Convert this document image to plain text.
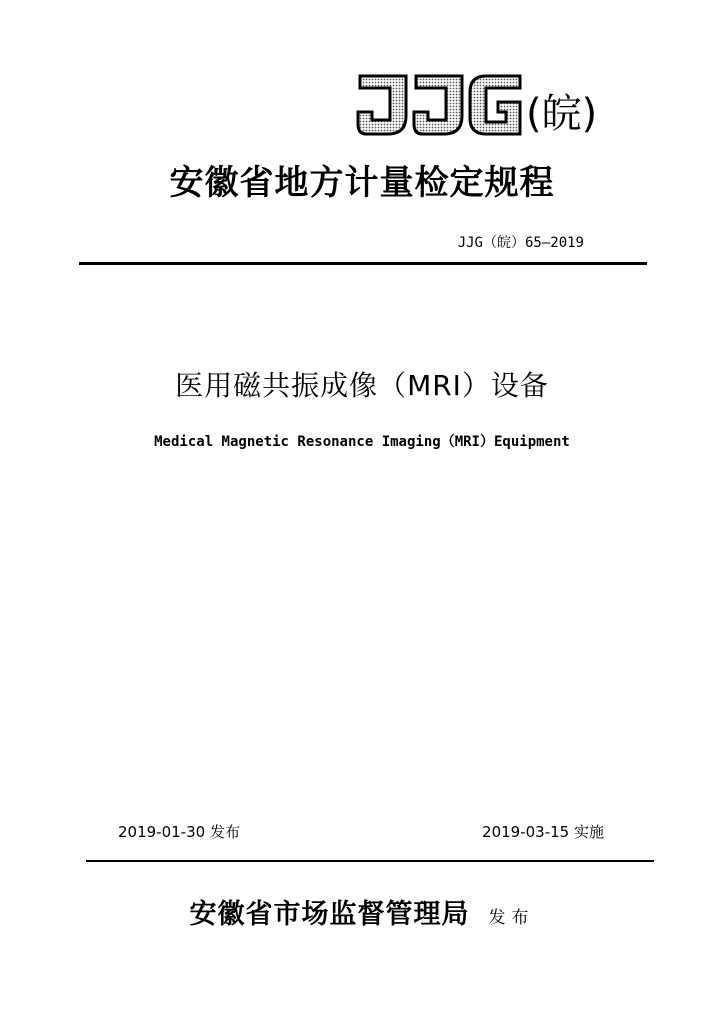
(皖)
安徽省地方计量检定规程
JJG（皖）65—2019
医用磁共振成像（MRI）设备
Medical Magnetic Resonance Imaging（MRI）Equipment
2019-01-30 发布	2019-03-15 实施
安徽省市场监督管理局 发布
